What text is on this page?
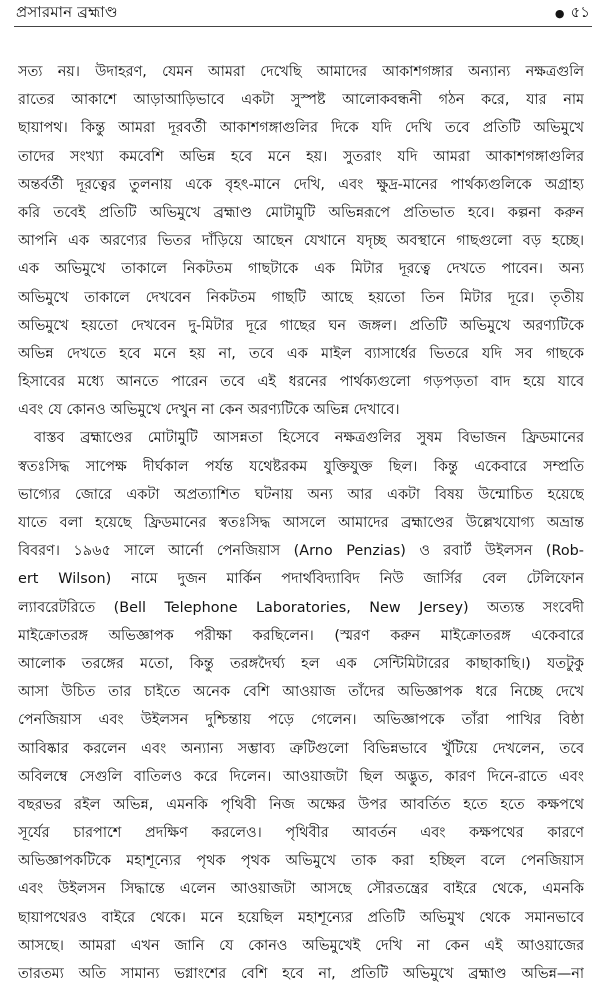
প্রসারমান ব্রহ্মাণ্ড	● ৫১
সত্য নয়। উদাহরণ, যেমন আমরা দেখেছি আমাদের আকাশগঙ্গার অন্যান্য নক্ষত্রগুলি
রাতের আকাশে আড়াআড়িভাবে একটা সুস্পষ্ট আলোকবন্ধনী গঠন করে, যার নাম
ছায়াপথ। কিন্তু আমরা দূরবর্তী আকাশগঙ্গাগুলির দিকে যদি দেখি তবে প্রতিটি অভিমুখে
তাদের সংখ্যা কমবেশি অভিন্ন হবে মনে হয়। সুতরাং যদি আমরা আকাশগঙ্গাগুলির
অন্তর্বর্তী দূরত্বের তুলনায় একে বৃহৎ-মানে দেখি, এবং ক্ষুদ্র-মানের পার্থক্যগুলিকে অগ্রাহ্য
করি তবেই প্রতিটি অভিমুখে ব্রহ্মাণ্ড মোটামুটি অভিন্নরূপে প্রতিভাত হবে। কল্পনা করুন
আপনি এক অরণ্যের ভিতর দাঁড়িয়ে আছেন যেখানে যদৃচ্ছ অবস্থানে গাছগুলো বড় হচ্ছে।
এক অভিমুখে তাকালে নিকটতম গাছটাকে এক মিটার দূরত্বে দেখতে পাবেন। অন্য
অভিমুখে তাকালে দেখবেন নিকটতম গাছটি আছে হয়তো তিন মিটার দূরে। তৃতীয়
অভিমুখে হয়তো দেখবেন দু-মিটার দূরে গাছের ঘন জঙ্গল। প্রতিটি অভিমুখে অরণ্যটিকে
অভিন্ন দেখতে হবে মনে হয় না, তবে এক মাইল ব্যাসার্ধের ভিতরে যদি সব গাছকে
হিসাবের মধ্যে আনতে পারেন তবে এই ধরনের পার্থক্যগুলো গড়পড়তা বাদ হয়ে যাবে
এবং যে কোনও অভিমুখে দেখুন না কেন অরণ্যটিকে অভিন্ন দেখাবে।
বাস্তব ব্রহ্মাণ্ডের মোটামুটি আসন্নতা হিসেবে নক্ষত্রগুলির সুষম বিভাজন ফ্রিডমানের
স্বতঃসিদ্ধ সাপেক্ষ দীর্ঘকাল পর্যন্ত যথেষ্টরকম যুক্তিযুক্ত ছিল। কিন্তু একেবারে সম্প্রতি
ভাগ্যের জোরে একটা অপ্রত্যাশিত ঘটনায় অন্য আর একটা বিষয় উন্মোচিত হয়েছে
যাতে বলা হয়েছে ফ্রিডমানের স্বতঃসিদ্ধ আসলে আমাদের ব্রহ্মাণ্ডের উল্লেখযোগ্য অভ্রান্ত
বিবরণ। ১৯৬৫ সালে আর্নো পেনজিয়াস (Arno Penzias) ও রবার্ট উইলসন (Rob-
ert Wilson) নামে দুজন মার্কিন পদার্থবিদ্যাবিদ নিউ জার্সির বেল টেলিফোন
ল্যাবরেটরিতে (Bell Telephone Laboratories, New Jersey) অত্যন্ত সংবেদী
মাইক্রোতরঙ্গ অভিজ্ঞাপক পরীক্ষা করছিলেন। (স্মরণ করুন মাইক্রোতরঙ্গ একেবারে
আলোক তরঙ্গের মতো, কিন্তু তরঙ্গদৈর্ঘ্য হল এক সেন্টিমিটারের কাছাকাছি।) যতটুকু
আসা উচিত তার চাইতে অনেক বেশি আওয়াজ তাঁদের অভিজ্ঞাপক ধরে নিচ্ছে দেখে
পেনজিয়াস এবং উইলসন দুশ্চিন্তায় পড়ে গেলেন। অভিজ্ঞাপকে তাঁরা পাখির বিষ্ঠা
আবিষ্কার করলেন এবং অন্যান্য সম্ভাব্য ত্রুটিগুলো বিভিন্নভাবে খুঁটিয়ে দেখলেন, তবে
অবিলম্বে সেগুলি বাতিলও করে দিলেন। আওয়াজটা ছিল অদ্ভুত, কারণ দিনে-রাতে এবং
বছরভর রইল অভিন্ন, এমনকি পৃথিবী নিজ অক্ষের উপর আবর্তিত হতে হতে কক্ষপথে
সূর্যের চারপাশে প্রদক্ষিণ করলেও। পৃথিবীর আবর্তন এবং কক্ষপথের কারণে
অভিজ্ঞাপকটিকে মহাশূন্যের পৃথক পৃথক অভিমুখে তাক করা হচ্ছিল বলে পেনজিয়াস
এবং উইলসন সিদ্ধান্তে এলেন আওয়াজটা আসছে সৌরতন্ত্রের বাইরে থেকে, এমনকি
ছায়াপথেরও বাইরে থেকে। মনে হয়েছিল মহাশূন্যের প্রতিটি অভিমুখ থেকে সমানভাবে
আসছে। আমরা এখন জানি যে কোনও অভিমুখেই দেখি না কেন এই আওয়াজের
তারতম্য অতি সামান্য ভগ্নাংশের বেশি হবে না, প্রতিটি অভিমুখে ব্রহ্মাণ্ড অভিন্ন—না
